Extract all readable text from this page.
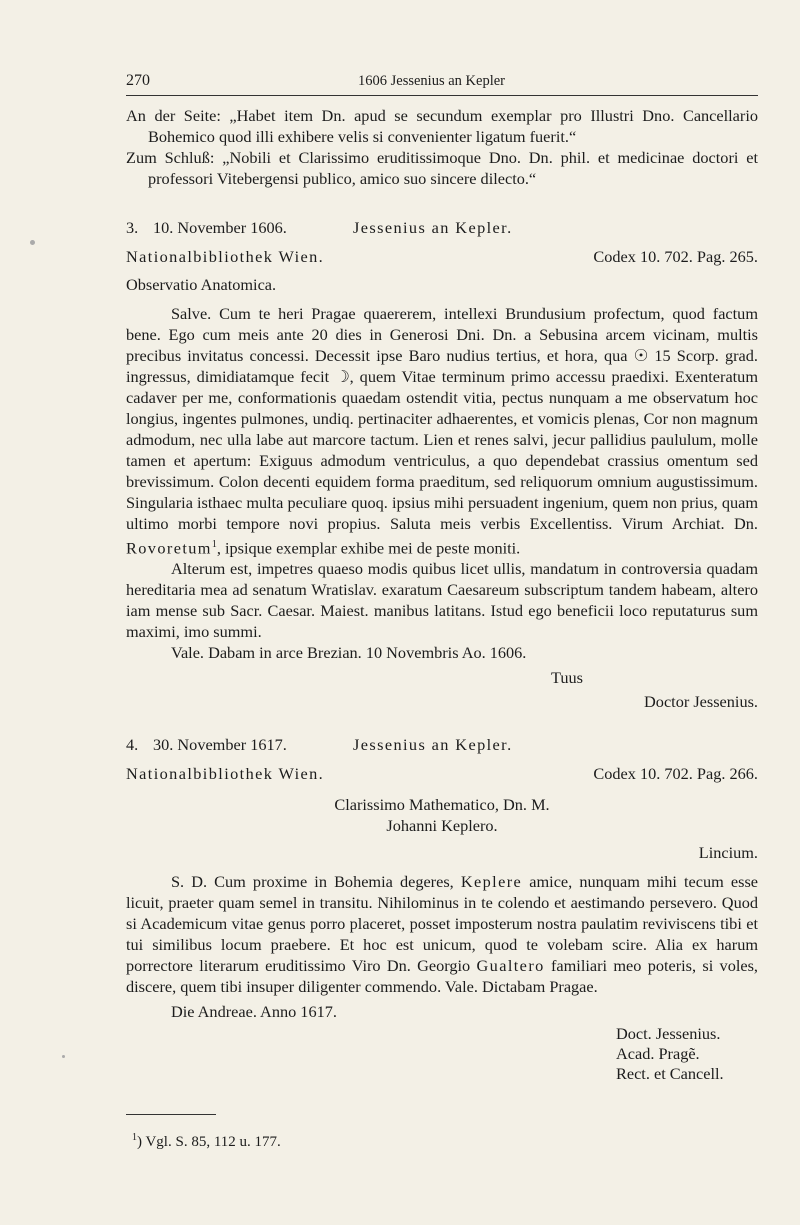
270	1606 Jessenius an Kepler

An der Seite: „Habet item Dn. apud se secundum exemplar pro Illustri Dno. Cancellario Bohemico quod illi exhibere velis si convenienter ligatum fuerit.“

Zum Schluß: „Nobili et Clarissimo eruditissimoque Dno. Dn. phil. et medicinae doctori et professori Vitebergensi publico, amico suo sincere dilecto.“

3. 10. November 1606.	Jessenius an Kepler.
Nationalbibliothek Wien.	Codex 10. 702. Pag. 265.
Observatio Anatomica.

Salve. Cum te heri Pragae quaererem, intellexi Brundusium profectum, quod factum bene. Ego cum meis ante 20 dies in Generosi Dni. Dn. a Sebusina arcem vicinam, multis precibus invitatus concessi. Decessit ipse Baro nudius tertius, et hora, qua ☉ 15 Scorp. grad. ingressus, dimidiatamque fecit ☽, quem Vitae terminum primo accessu praedixi. Exenteratum cadaver per me, conformationis quaedam ostendit vitia, pectus nunquam a me observatum hoc longius, ingentes pulmones, undiq. pertinaciter adhaerentes, et vomicis plenas, Cor non magnum admodum, nec ulla labe aut marcore tactum. Lien et renes salvi, jecur pallidius paululum, molle tamen et apertum: Exiguus admodum ventriculus, a quo dependebat crassius omentum sed brevissimum. Colon decenti equidem forma praeditum, sed reliquorum omnium augustissimum. Singularia isthaec multa peculiare quoq. ipsius mihi persuadent ingenium, quem non prius, quam ultimo morbi tempore novi propius. Saluta meis verbis Excellentiss. Virum Archiat. Dn. Rovoretum$^1$, ipsique exemplar exhibe mei de peste moniti.

Alterum est, impetres quaeso modis quibus licet ullis, mandatum in controversia quadam hereditaria mea ad senatum Wratislav. exaratum Caesareum subscriptum tandem habeam, altero iam mense sub Sacr. Caesar. Maiest. manibus latitans. Istud ego beneficii loco reputaturus sum maximi, imo summi.

Vale. Dabam in arce Brezian. 10 Novembris Ao. 1606.

Tuus
Doctor Jessenius.
4. 30. November 1617.	Jessenius an Kepler.
Nationalbibliothek Wien.	Codex 10. 702. Pag. 266.
Clarissimo Mathematico, Dn. M.
Johanni Keplero.
Lincium.

S. D. Cum proxime in Bohemia degeres, Keplere amice, nunquam mihi tecum esse licuit, praeter quam semel in transitu. Nihilominus in te colendo et aestimando persevero. Quod si Academicum vitae genus porro placeret, posset imposterum nostra paulatim reviviscens tibi et tui similibus locum praebere. Et hoc est unicum, quod te volebam scire. Alia ex harum porrectore literarum eruditissimo Viro Dn. Georgio Gualtero familiari meo poteris, si voles, discere, quem tibi insuper diligenter commendo. Vale. Dictabam Pragae.

Die Andreae. Anno 1617.
Doct. Jessenius.
Acad. Pragẽ.
Rect. et Cancell.
$^1$) Vgl. S. 85, 112 u. 177.
